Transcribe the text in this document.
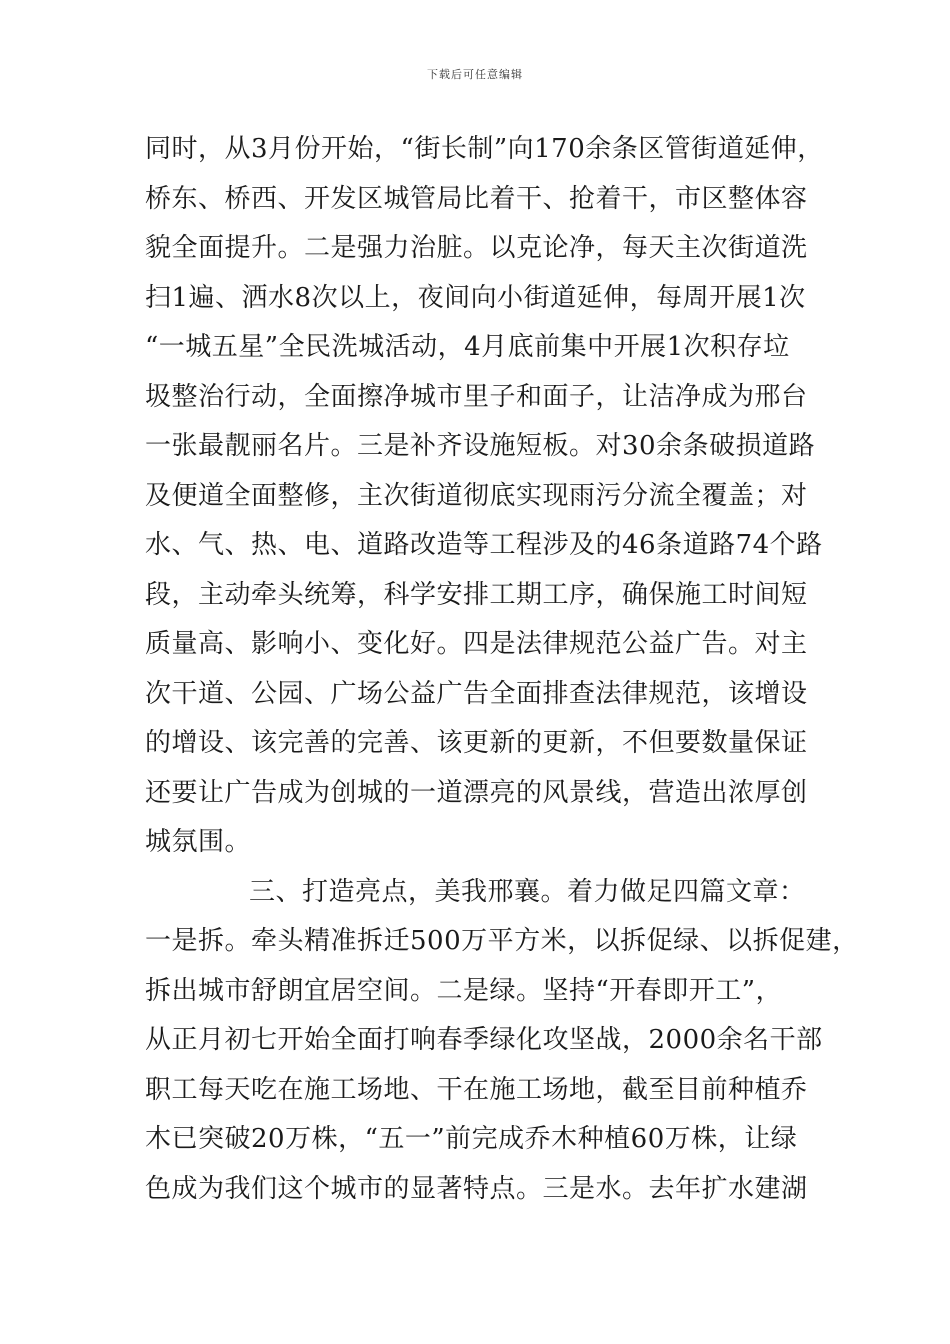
下载后可任意编辑
同时，从3月份开始，“街长制”向170余条区管街道延伸，
桥东、桥西、开发区城管局比着干、抢着干，市区整体容
貌全面提升。二是强力治脏。以克论净，每天主次街道洗
扫1遍、洒水8次以上，夜间向小街道延伸，每周开展1次
“一城五星”全民洗城活动，4月底前集中开展1次积存垃
圾整治行动，全面擦净城市里子和面子，让洁净成为邢台
一张最靓丽名片。三是补齐设施短板。对30余条破损道路
及便道全面整修，主次街道彻底实现雨污分流全覆盖；对
水、气、热、电、道路改造等工程涉及的46条道路74个路
段，主动牵头统筹，科学安排工期工序，确保施工时间短
质量高、影响小、变化好。四是法律规范公益广告。对主
次干道、公园、广场公益广告全面排查法律规范，该增设
的增设、该完善的完善、该更新的更新，不但要数量保证
还要让广告成为创城的一道漂亮的风景线，营造出浓厚创
城氛围。
三、打造亮点，美我邢襄。着力做足四篇文章：
一是拆。牵头精准拆迁500万平方米，以拆促绿、以拆促建，
拆出城市舒朗宜居空间。二是绿。坚持“开春即开工”，
从正月初七开始全面打响春季绿化攻坚战，2000余名干部
职工每天吃在施工场地、干在施工场地，截至目前种植乔
木已突破20万株，“五一”前完成乔木种植60万株，让绿
色成为我们这个城市的显著特点。三是水。去年扩水建湖
